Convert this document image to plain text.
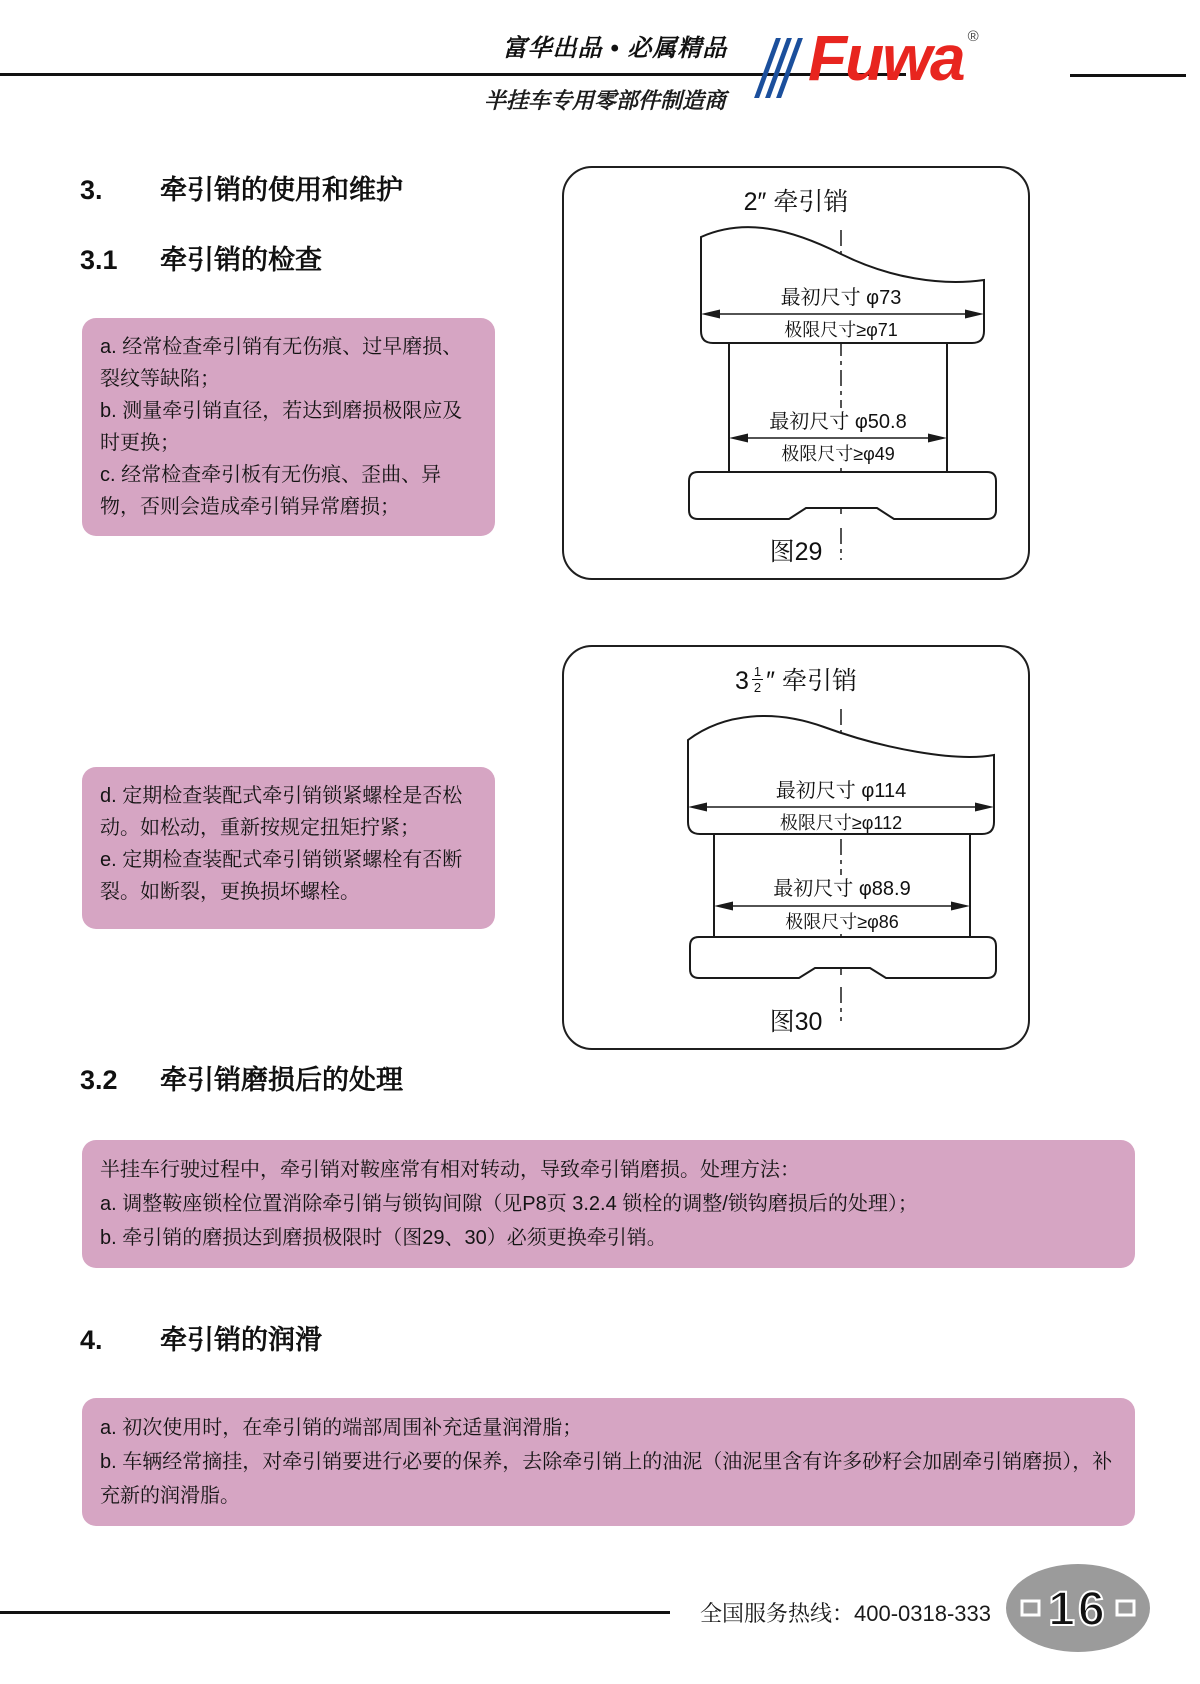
富华出品 • 必属精品
半挂车专用零部件制造商
Fuwa ®
3. 牵引销的使用和维护
3.1 牵引销的检查
a. 经常检查牵引销有无伤痕、过早磨损、裂纹等缺陷；
b. 测量牵引销直径，若达到磨损极限应及时更换；
c. 经常检查牵引板有无伤痕、歪曲、异物，否则会造成牵引销异常磨损；
2″ 牵引销
最初尺寸 φ73
极限尺寸≥φ71
最初尺寸 φ50.8
极限尺寸≥φ49
图29
$3 \frac{1}{2}$ ″ 牵引销
最初尺寸 φ114
极限尺寸≥φ112
最初尺寸 φ88.9
极限尺寸≥φ86
图30
d. 定期检查装配式牵引销锁紧螺栓是否松动。如松动，重新按规定扭矩拧紧；
e. 定期检查装配式牵引销锁紧螺栓有否断裂。如断裂，更换损坏螺栓。
3.2 牵引销磨损后的处理
半挂车行驶过程中，牵引销对鞍座常有相对转动，导致牵引销磨损。处理方法：
a. 调整鞍座锁栓位置消除牵引销与锁钩间隙（见P8页 3.2.4 锁栓的调整/锁钩磨损后的处理）；
b. 牵引销的磨损达到磨损极限时（图29、30）必须更换牵引销。
4. 牵引销的润滑
a. 初次使用时，在牵引销的端部周围补充适量润滑脂；
b. 车辆经常摘挂，对牵引销要进行必要的保养，去除牵引销上的油泥（油泥里含有许多砂籽会加剧牵引销磨损），补充新的润滑脂。
全国服务热线：400-0318-333 16
